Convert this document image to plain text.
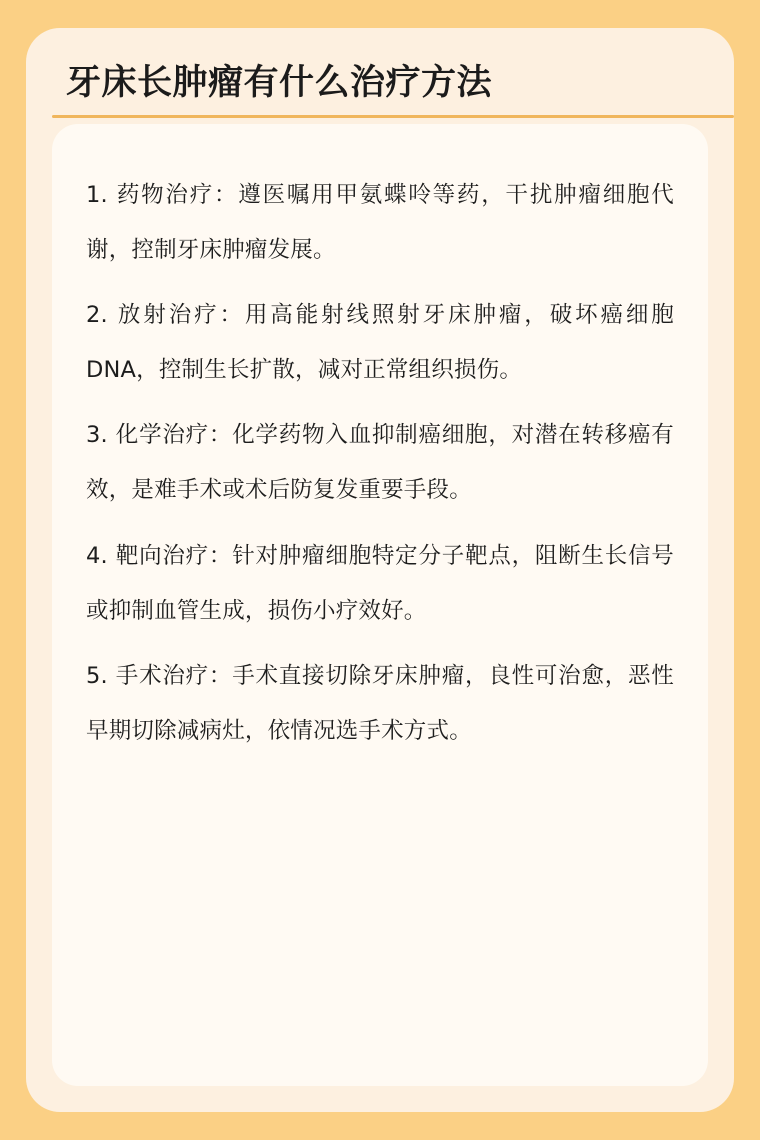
牙床长肿瘤有什么治疗方法

1. 药物治疗：遵医嘱用甲氨蝶呤等药，干扰肿瘤细胞代谢，控制牙床肿瘤发展。

2. 放射治疗：用高能射线照射牙床肿瘤，破坏癌细胞DNA，控制生长扩散，减对正常组织损伤。

3. 化学治疗：化学药物入血抑制癌细胞，对潜在转移癌有效，是难手术或术后防复发重要手段。

4. 靶向治疗：针对肿瘤细胞特定分子靶点，阻断生长信号或抑制血管生成，损伤小疗效好。

5. 手术治疗：手术直接切除牙床肿瘤，良性可治愈，恶性早期切除减病灶，依情况选手术方式。
